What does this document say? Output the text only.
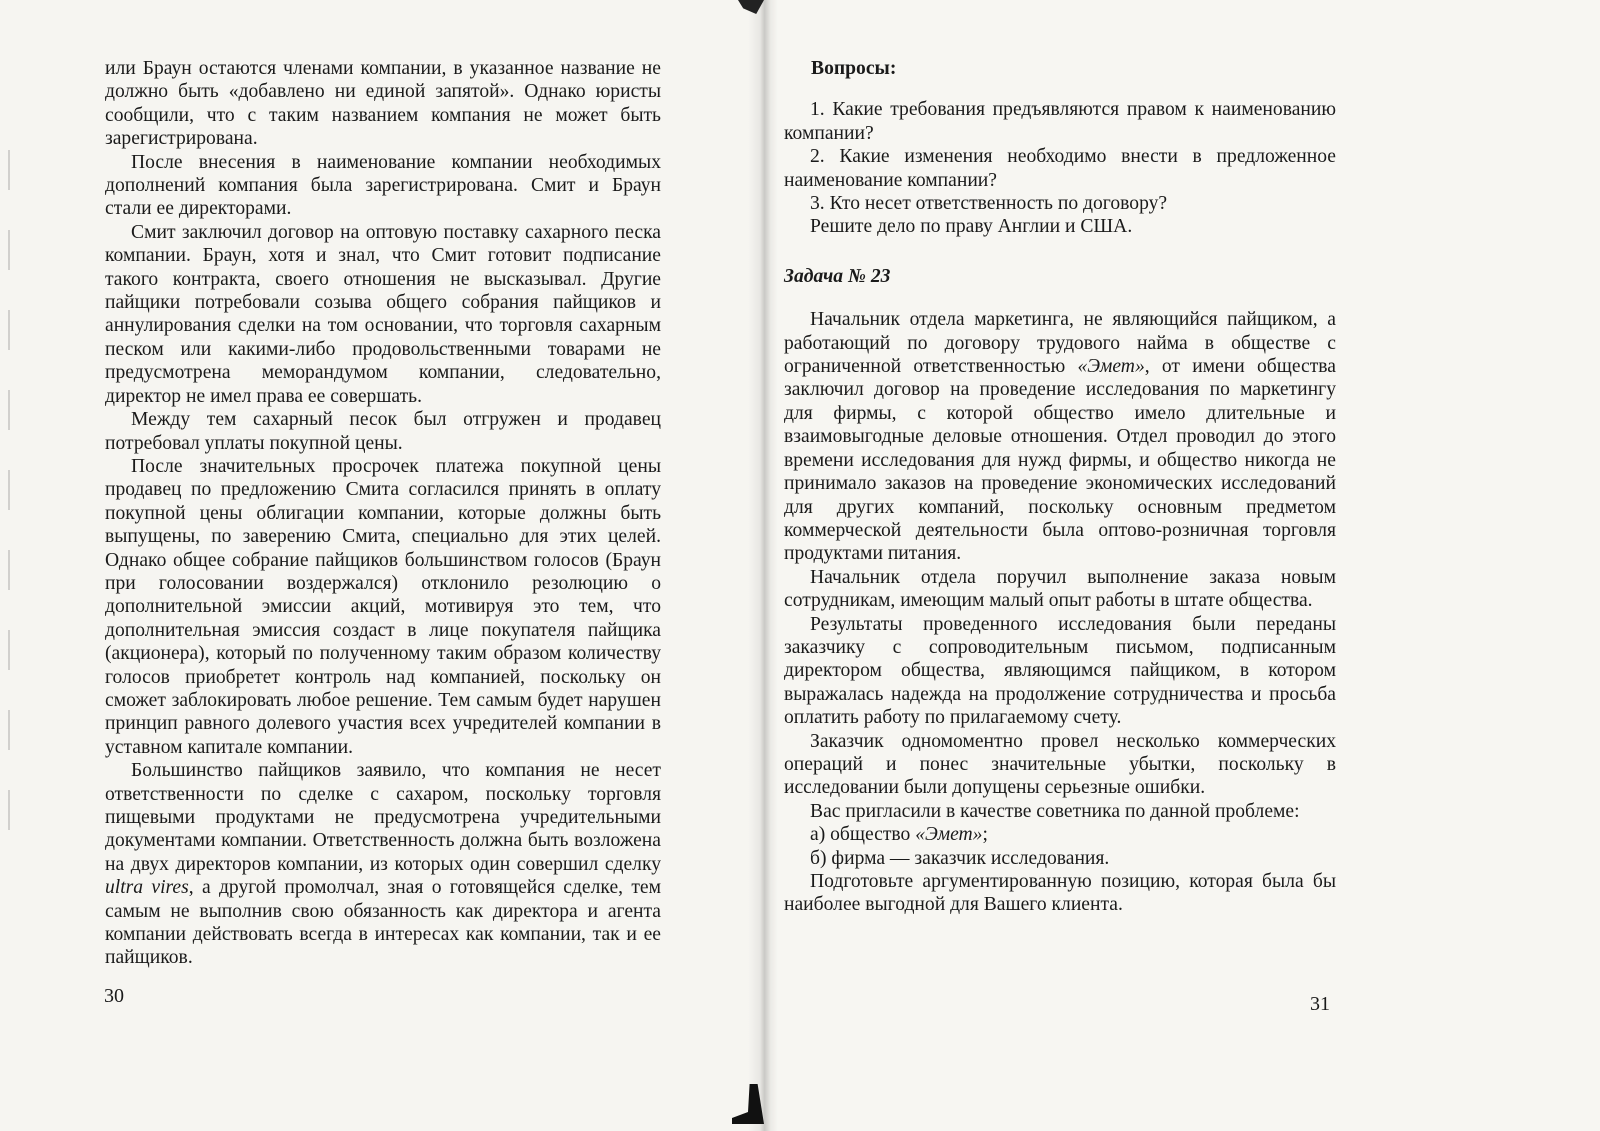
или Браун остаются членами компании, в указанное название не должно быть «добавлено ни единой запятой». Однако юристы сообщили, что с таким названием компания не может быть зарегистрирована.

После внесения в наименование компании необходимых дополнений компания была зарегистрирована. Смит и Браун стали ее директорами.

Смит заключил договор на оптовую поставку сахарного песка компании. Браун, хотя и знал, что Смит готовит подписание такого контракта, своего отношения не высказывал. Другие пайщики потребовали созыва общего собрания пайщиков и аннулирования сделки на том основании, что торговля сахарным песком или какими-либо продовольственными товарами не предусмотрена меморандумом компании, следовательно, директор не имел права ее совершать.

Между тем сахарный песок был отгружен и продавец потребовал уплаты покупной цены.

После значительных просрочек платежа покупной цены продавец по предложению Смита согласился принять в оплату покупной цены облигации компании, которые должны быть выпущены, по заверению Смита, специально для этих целей. Однако общее собрание пайщиков большинством голосов (Браун при голосовании воздержался) отклонило резолюцию о дополнительной эмиссии акций, мотивируя это тем, что дополнительная эмиссия создаст в лице покупателя пайщика (акционера), который по полученному таким образом количеству голосов приобретет контроль над компанией, поскольку он сможет заблокировать любое решение. Тем самым будет нарушен принцип равного долевого участия всех учредителей компании в уставном капитале компании.

Большинство пайщиков заявило, что компания не несет ответственности по сделке с сахаром, поскольку торговля пищевыми продуктами не предусмотрена учредительными документами компании. Ответственность должна быть возложена на двух директоров компании, из которых один совершил сделку ultra vires, а другой промолчал, зная о готовящейся сделке, тем самым не выполнив свою обязанность как директора и агента компании действовать всегда в интересах как компании, так и ее пайщиков.

30
Вопросы:

1. Какие требования предъявляются правом к наименованию компании?

2. Какие изменения необходимо внести в предложенное наименование компании?

3. Кто несет ответственность по договору?

Решите дело по праву Англии и США.

Задача № 23

Начальник отдела маркетинга, не являющийся пайщиком, а работающий по договору трудового найма в обществе с ограниченной ответственностью «Эмет», от имени общества заключил договор на проведение исследования по маркетингу для фирмы, с которой общество имело длительные и взаимовыгодные деловые отношения. Отдел проводил до этого времени исследования для нужд фирмы, и общество никогда не принимало заказов на проведение экономических исследований для других компаний, поскольку основным предметом коммерческой деятельности была оптово-розничная торговля продуктами питания.

Начальник отдела поручил выполнение заказа новым сотрудникам, имеющим малый опыт работы в штате общества.

Результаты проведенного исследования были переданы заказчику с сопроводительным письмом, подписанным директором общества, являющимся пайщиком, в котором выражалась надежда на продолжение сотрудничества и просьба оплатить работу по прилагаемому счету.

Заказчик одномоментно провел несколько коммерческих операций и понес значительные убытки, поскольку в исследовании были допущены серьезные ошибки.

Вас пригласили в качестве советника по данной проблеме:

а) общество «Эмет»;

б) фирма — заказчик исследования.

Подготовьте аргументированную позицию, которая была бы наиболее выгодной для Вашего клиента.

31
